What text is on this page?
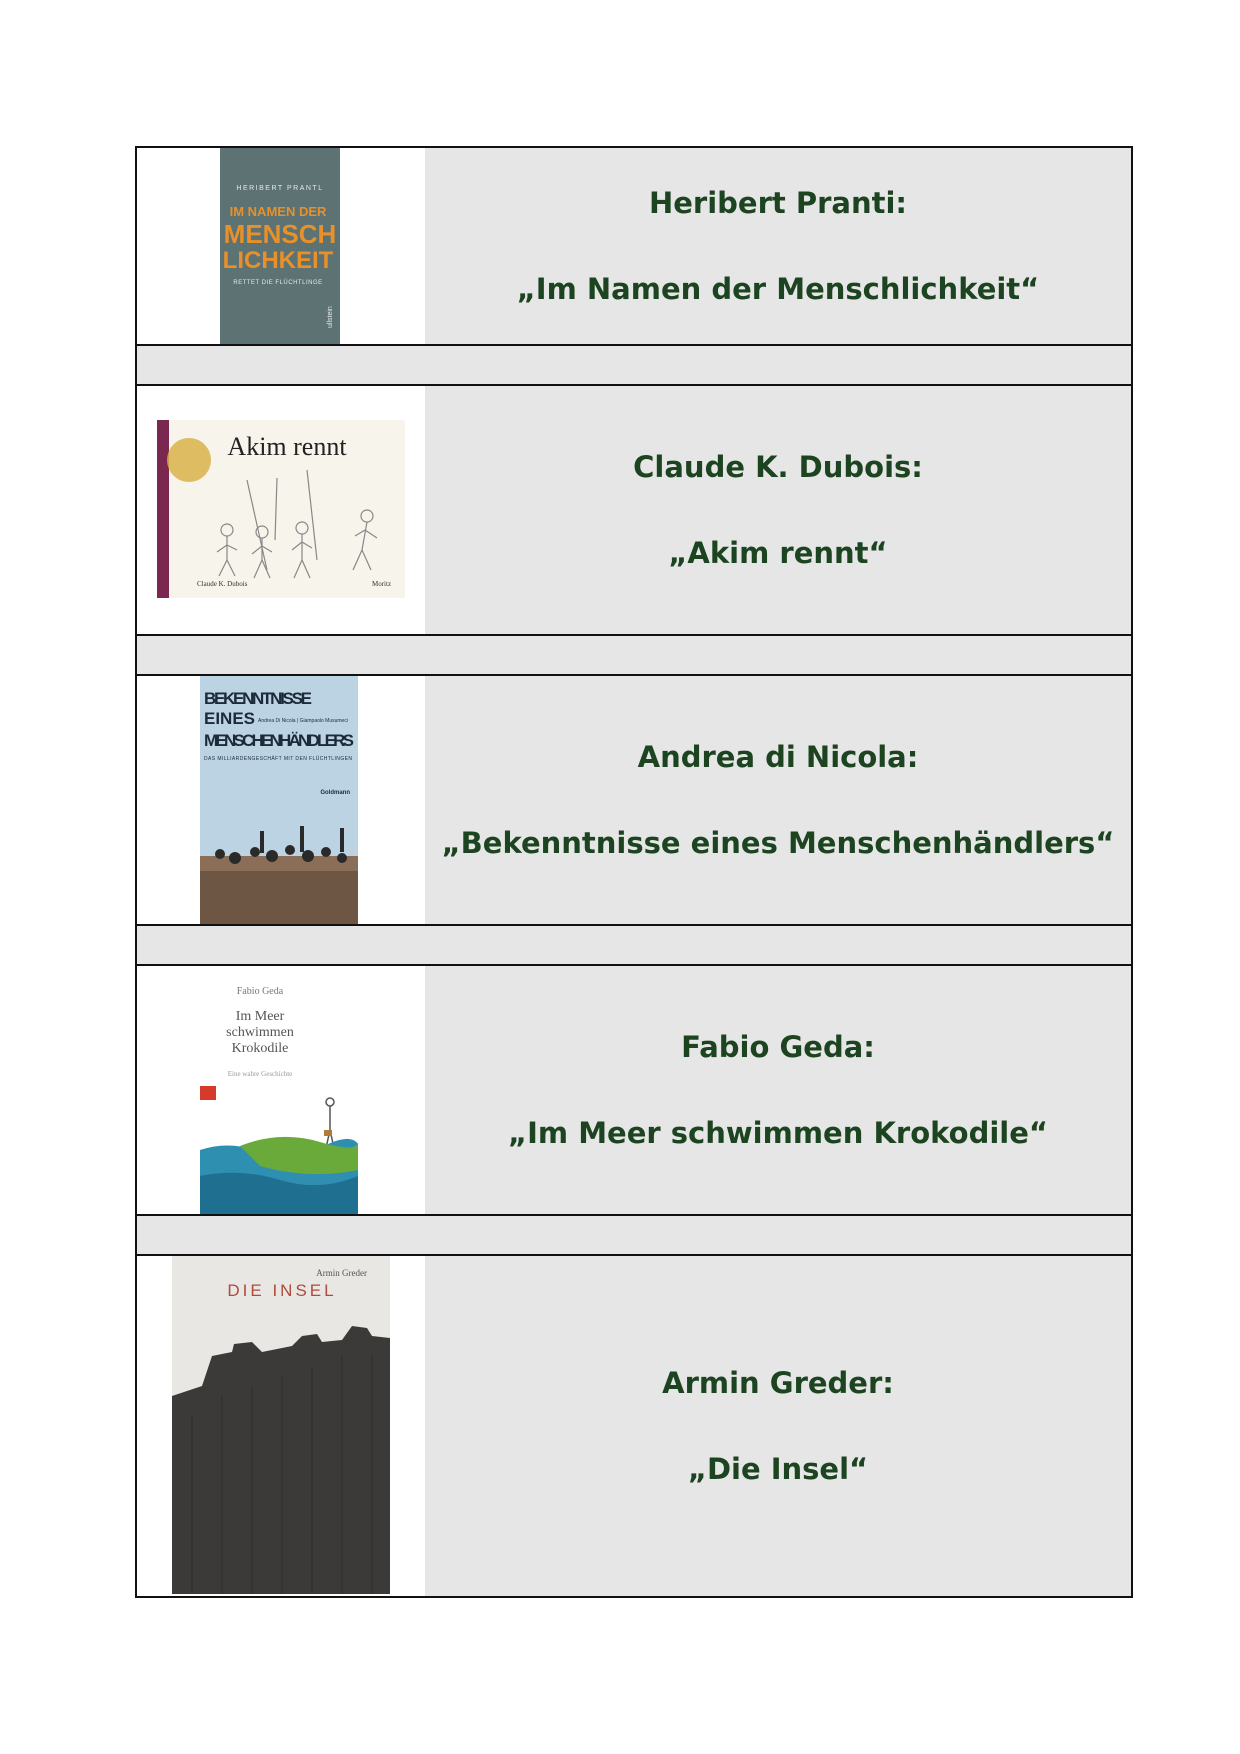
HERIBERT PRANTL
IM NAMEN DER
MENSCH
LICHKEIT
RETTET DIE FLÜCHTLINGE
ullstein
Heribert Pranti:
„Im Namen der Menschlichkeit“
Akim rennt
Claude K. Dubois	Moritz
Claude K. Dubois:
„Akim rennt“
BEKENNTNISSE
EINES Andrea Di Nicola | Giampaolo Musumeci
MENSCHENHÄNDLERS
DAS MILLIARDENGESCHÄFT MIT DEN FLÜCHTLINGEN
Goldmann
Andrea di Nicola:
„Bekenntnisse eines Menschenhändlers“
Fabio Geda
Im Meer
schwimmen
Krokodile
Eine wahre Geschichte
Fabio Geda:
„Im Meer schwimmen Krokodile“
Armin Greder
DIE INSEL
Armin Greder:
„Die Insel“
